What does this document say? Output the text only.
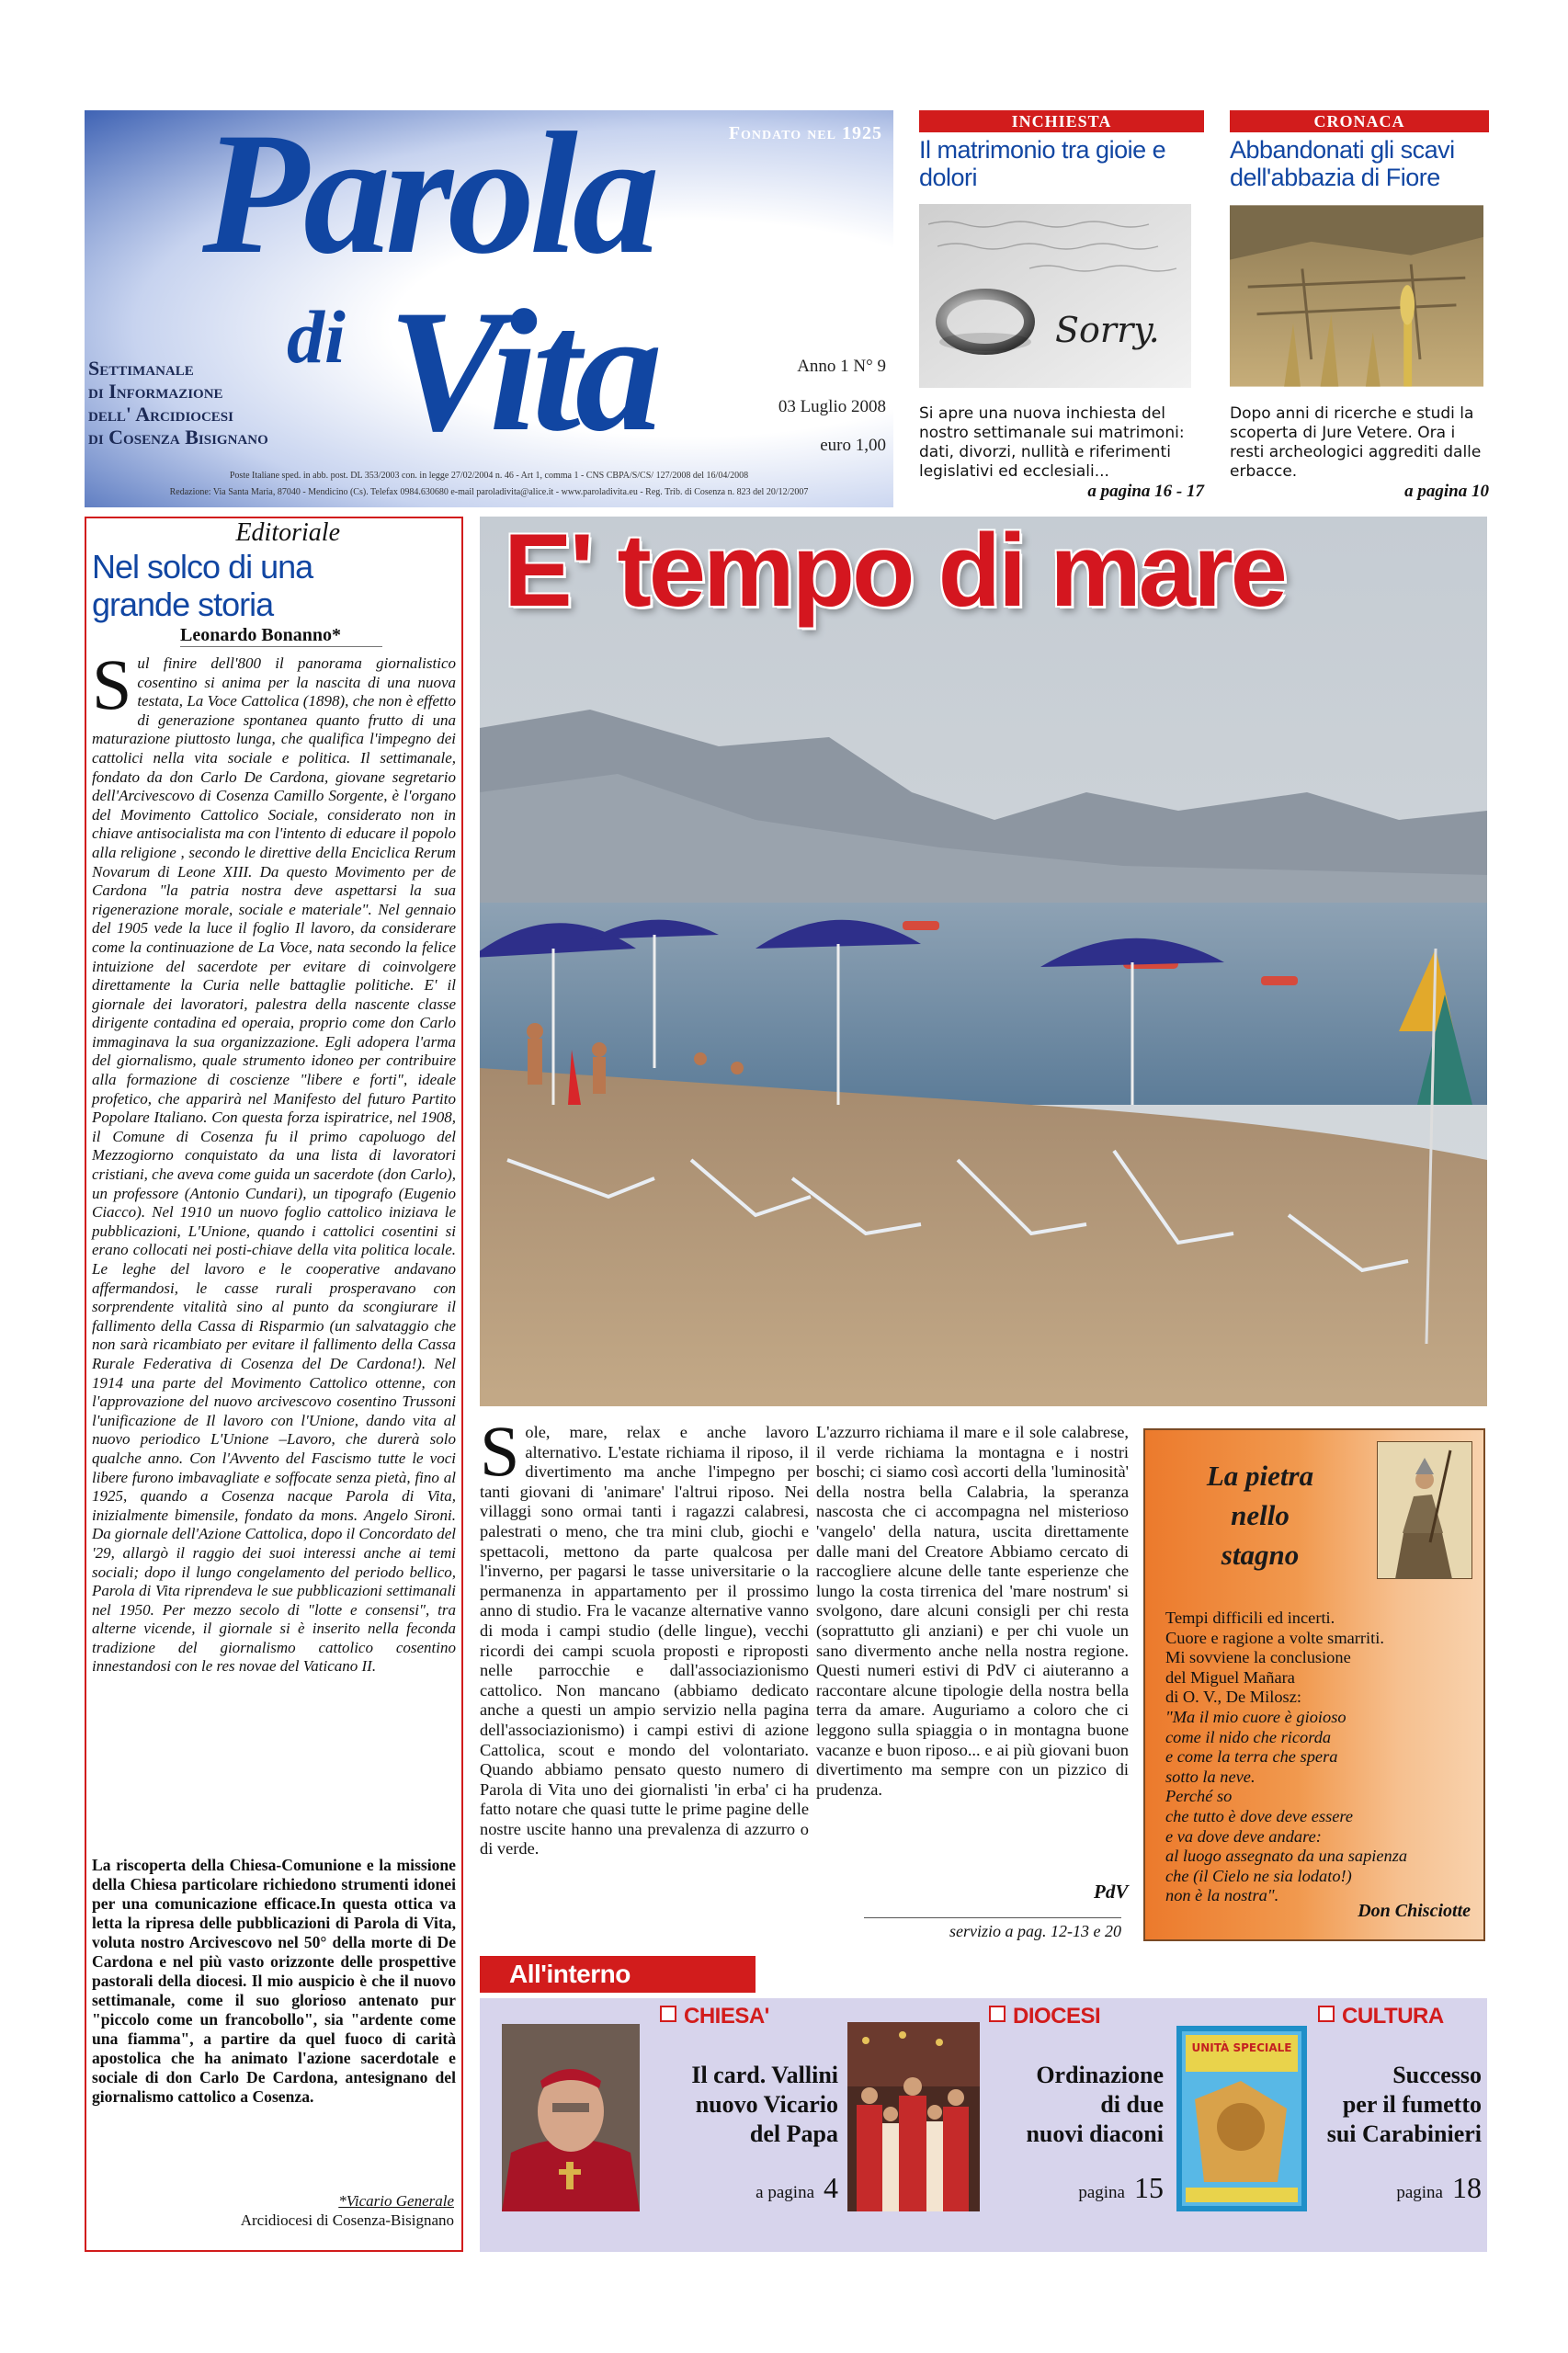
Fondato nel 1925
Parola
di Vita
Settimanale
di Informazione
dell' Arcidiocesi
di Cosenza Bisignano
Anno 1 N° 9
03 Luglio 2008
euro 1,00
Poste Italiane sped. in abb. post. DL 353/2003 con. in legge 27/02/2004 n. 46 - Art 1, comma 1 - CNS CBPA/S/CS/ 127/2008 del 16/04/2008
Redazione: Via Santa Maria, 87040 - Mendicino (Cs). Telefax 0984.630680 e-mail paroladivita@alice.it - www.paroladivita.eu - Reg. Trib. di Cosenza n. 823 del 20/12/2007
INCHIESTA
Il matrimonio tra gioie e dolori
Sorry.
Si apre una nuova inchiesta del nostro settimanale sui matrimoni: dati, divorzi, nullità e riferimenti legislativi ed ecclesiali...
a pagina 16 - 17
CRONACA
Abbandonati gli scavi dell'abbazia di Fiore
Dopo anni di ricerche e studi la scoperta di Jure Vetere. Ora i resti archeologici aggrediti dalle erbacce.
a pagina 10
Editoriale
Nel solco di una grande storia
Leonardo Bonanno*
Sul finire dell'800 il panorama giornalistico cosentino si anima per la nascita di una nuova testata, La Voce Cattolica (1898), che non è effetto di generazione spontanea quanto frutto di una maturazione piuttosto lunga, che qualifica l'impegno dei cattolici nella vita sociale e politica. Il settimanale, fondato da don Carlo De Cardona, giovane segretario dell'Arcivescovo di Cosenza Camillo Sorgente, è l'organo del Movimento Cattolico Sociale, considerato non in chiave antisocialista ma con l'intento di educare il popolo alla religione , secondo le direttive della Enciclica Rerum Novarum di Leone XIII. Da questo Movimento per de Cardona "la patria nostra deve aspettarsi la sua rigenerazione morale, sociale e materiale". Nel gennaio del 1905 vede la luce il foglio Il lavoro, da considerare come la continuazione de La Voce, nata secondo la felice intuizione del sacerdote per evitare di coinvolgere direttamente la Curia nelle battaglie politiche. E' il giornale dei lavoratori, palestra della nascente classe dirigente contadina ed operaia, proprio come don Carlo immaginava la sua organizzazione. Egli adopera l'arma del giornalismo, quale strumento idoneo per contribuire alla formazione di coscienze "libere e forti", ideale profetico, che apparirà nel Manifesto del futuro Partito Popolare Italiano. Con questa forza ispiratrice, nel 1908, il Comune di Cosenza fu il primo capoluogo del Mezzogiorno conquistato da una lista di lavoratori cristiani, che aveva come guida un sacerdote (don Carlo), un professore (Antonio Cundari), un tipografo (Eugenio Ciacco). Nel 1910 un nuovo foglio cattolico iniziava le pubblicazioni, L'Unione, quando i cattolici cosentini si erano collocati nei posti-chiave della vita politica locale. Le leghe del lavoro e le cooperative andavano affermandosi, le casse rurali prosperavano con sorprendente vitalità sino al punto da scongiurare il fallimento della Cassa di Risparmio (un salvataggio che non sarà ricambiato per evitare il fallimento della Cassa Rurale Federativa di Cosenza del De Cardona!). Nel 1914 una parte del Movimento Cattolico ottenne, con l'approvazione del nuovo arcivescovo cosentino Trussoni l'unificazione de Il lavoro con l'Unione, dando vita al nuovo periodico L'Unione –Lavoro, che durerà solo qualche anno. Con l'Avvento del Fascismo tutte le voci libere furono imbavagliate e soffocate senza pietà, fino al 1925, quando a Cosenza nacque Parola di Vita, inizialmente bimensile, fondato da mons. Angelo Sironi. Da giornale dell'Azione Cattolica, dopo il Concordato del '29, allargò il raggio dei suoi interessi anche ai temi sociali; dopo il lungo congelamento del periodo bellico, Parola di Vita riprendeva le sue pubblicazioni settimanali nel 1950. Per mezzo secolo di "lotte e consensi", tra alterne vicende, il giornale si è inserito nella feconda tradizione del giornalismo cattolico cosentino innestandosi con le res novae del Vaticano II.
La riscoperta della Chiesa-Comunione e la missione della Chiesa particolare richiedono strumenti idonei per una comunicazione efficace.In questa ottica va letta la ripresa delle pubblicazioni di Parola di Vita, voluta nostro Arcivescovo nel 50° della morte di De Cardona e nel più vasto orizzonte delle prospettive pastorali della diocesi. Il mio auspicio è che il nuovo settimanale, come il suo glorioso antenato pur "piccolo come un francobollo", sia "ardente come una fiamma", a partire da quel fuoco di carità apostolica che ha animato l'azione sacerdotale e sociale di don Carlo De Cardona, antesignano del giornalismo cattolico a Cosenza.
*Vicario Generale
Arcidiocesi di Cosenza-Bisignano
E' tempo di mare
Sole, mare, relax e anche lavoro alternativo. L'estate richiama il riposo, il divertimento ma anche l'impegno per tanti giovani di 'animare' l'altrui riposo. Nei villaggi sono ormai tanti i ragazzi calabresi, palestrati o meno, che tra mini club, giochi e spettacoli, mettono da parte qualcosa per l'inverno, per pagarsi le tasse universitarie o la permanenza in appartamento per il prossimo anno di studio. Fra le vacanze alternative vanno di moda i campi studio (delle lingue), vecchi ricordi dei campi scuola proposti e riproposti nelle parrocchie e dall'associazionismo cattolico. Non mancano (abbiamo dedicato anche a questi un ampio servizio nella pagina dell'associazionismo) i campi estivi di azione Cattolica, scout e mondo del volontariato. Quando abbiamo pensato questo numero di Parola di Vita uno dei giornalisti 'in erba' ci ha fatto notare che quasi tutte le prime pagine delle nostre uscite hanno una prevalenza di azzurro o di verde.
L'azzurro richiama il mare e il sole calabrese, il verde richiama la montagna e i nostri boschi; ci siamo così accorti della 'luminosità' della nostra bella Calabria, la speranza nascosta che ci accompagna nel misterioso 'vangelo' della natura, uscita direttamente dalle mani del Creatore Abbiamo cercato di raccogliere alcune delle tante esperienze che lungo la costa tirrenica del 'mare nostrum' si svolgono, dare alcuni consigli per chi resta (soprattutto gli anziani) e per chi vuole un sano divermento anche nella nostra regione. Questi numeri estivi di PdV ci aiuteranno a raccontare alcune tipologie della nostra bella terra da amare. Auguriamo a coloro che ci leggono sulla spiaggia o in montagna buone vacanze e buon riposo... e ai più giovani buon divertimento ma sempre con un pizzico di prudenza.
PdV
servizio a pag. 12-13 e 20
La pietra
nello
stagno
Tempi difficili ed incerti.
Cuore e ragione a volte smarriti.
Mi sovviene la conclusione
del Miguel Mañara
di O. V., De Milosz:
"Ma il mio cuore è gioioso
come il nido che ricorda
e come la terra che spera
sotto la neve.
Perché so
che tutto è dove deve essere
e va dove deve andare:
al luogo assegnato da una sapienza
che (il Cielo ne sia lodato!)
non è la nostra".
Don Chisciotte
All'interno
CHIESA'
Il card. Vallini
nuovo Vicario
del Papa
a pagina 4
DIOCESI
Ordinazione
di due
nuovi diaconi
pagina 15
CULTURA
UNITÀ SPECIALE
Successo
per il fumetto
sui Carabinieri
pagina 18
